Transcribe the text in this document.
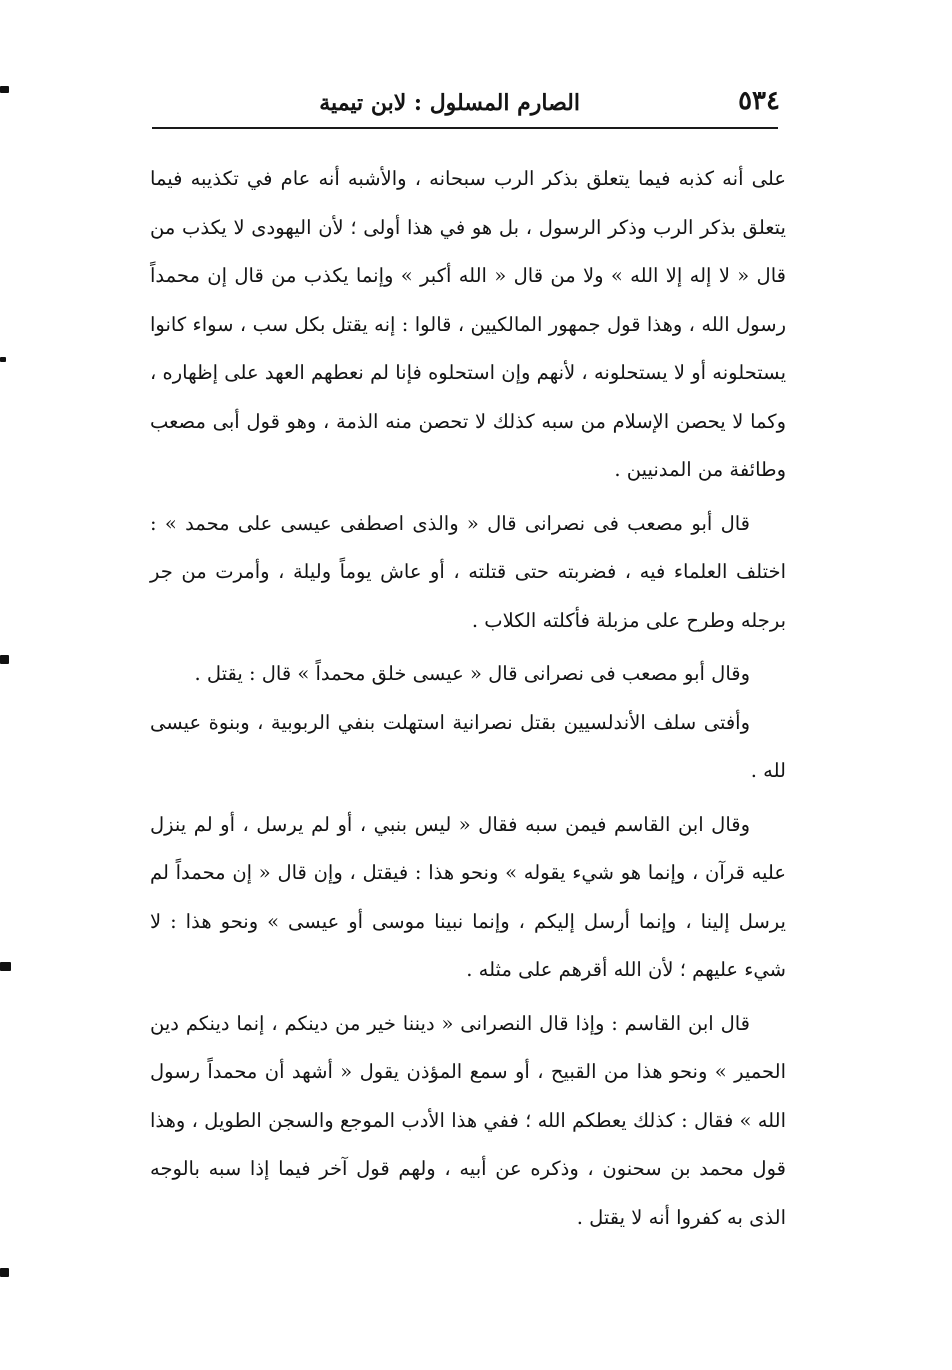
٥٣٤
الصارم المسلول : لابن تيمية

على أنه كذبه فيما يتعلق بذكر الرب سبحانه ، والأشبه أنه عام في تكذيبه فيما يتعلق بذكر الرب وذكر الرسول ، بل هو في هذا أولى ؛ لأن اليهودى لا يكذب من قال « لا إله إلا الله » ولا من قال « الله أكبر » وإنما يكذب من قال إن محمداً رسول الله ، وهذا قول جمهور المالكيين ، قالوا : إنه يقتل بكل سب ، سواء كانوا يستحلونه أو لا يستحلونه ، لأنهم وإن استحلوه فإنا لم نعطهم العهد على إظهاره ، وكما لا يحصن الإسلام من سبه كذلك لا تحصن منه الذمة ، وهو قول أبى مصعب وطائفة من المدنيين .

قال أبو مصعب فى نصرانى قال « والذى اصطفى عيسى على محمد » : اختلف العلماء فيه ، فضربته حتى قتلته ، أو عاش يوماً وليلة ، وأمرت من جر برجله وطرح على مزبلة فأكلته الكلاب .

وقال أبو مصعب فى نصرانى قال « عيسى خلق محمداً » قال : يقتل .

وأفتى سلف الأندلسيين بقتل نصرانية استهلت بنفي الربوبية ، وبنوة عيسى لله .

وقال ابن القاسم فيمن سبه فقال « ليس بنبي ، أو لم يرسل ، أو لم ينزل عليه قرآن ، وإنما هو شيء يقوله » ونحو هذا : فيقتل ، وإن قال « إن محمداً لم يرسل إلينا ، وإنما أرسل إليكم ، وإنما نبينا موسى أو عيسى » ونحو هذا : لا شيء عليهم ؛ لأن الله أقرهم على مثله .

قال ابن القاسم : وإذا قال النصرانى « ديننا خير من دينكم ، إنما دينكم دين الحمير » ونحو هذا من القبيح ، أو سمع المؤذن يقول « أشهد أن محمداً رسول الله » فقال : كذلك يعطكم الله ؛ ففي هذا الأدب الموجع والسجن الطويل ، وهذا قول محمد بن سحنون ، وذكره عن أبيه ، ولهم قول آخر فيما إذا سبه بالوجه الذى به كفروا أنه لا يقتل .
